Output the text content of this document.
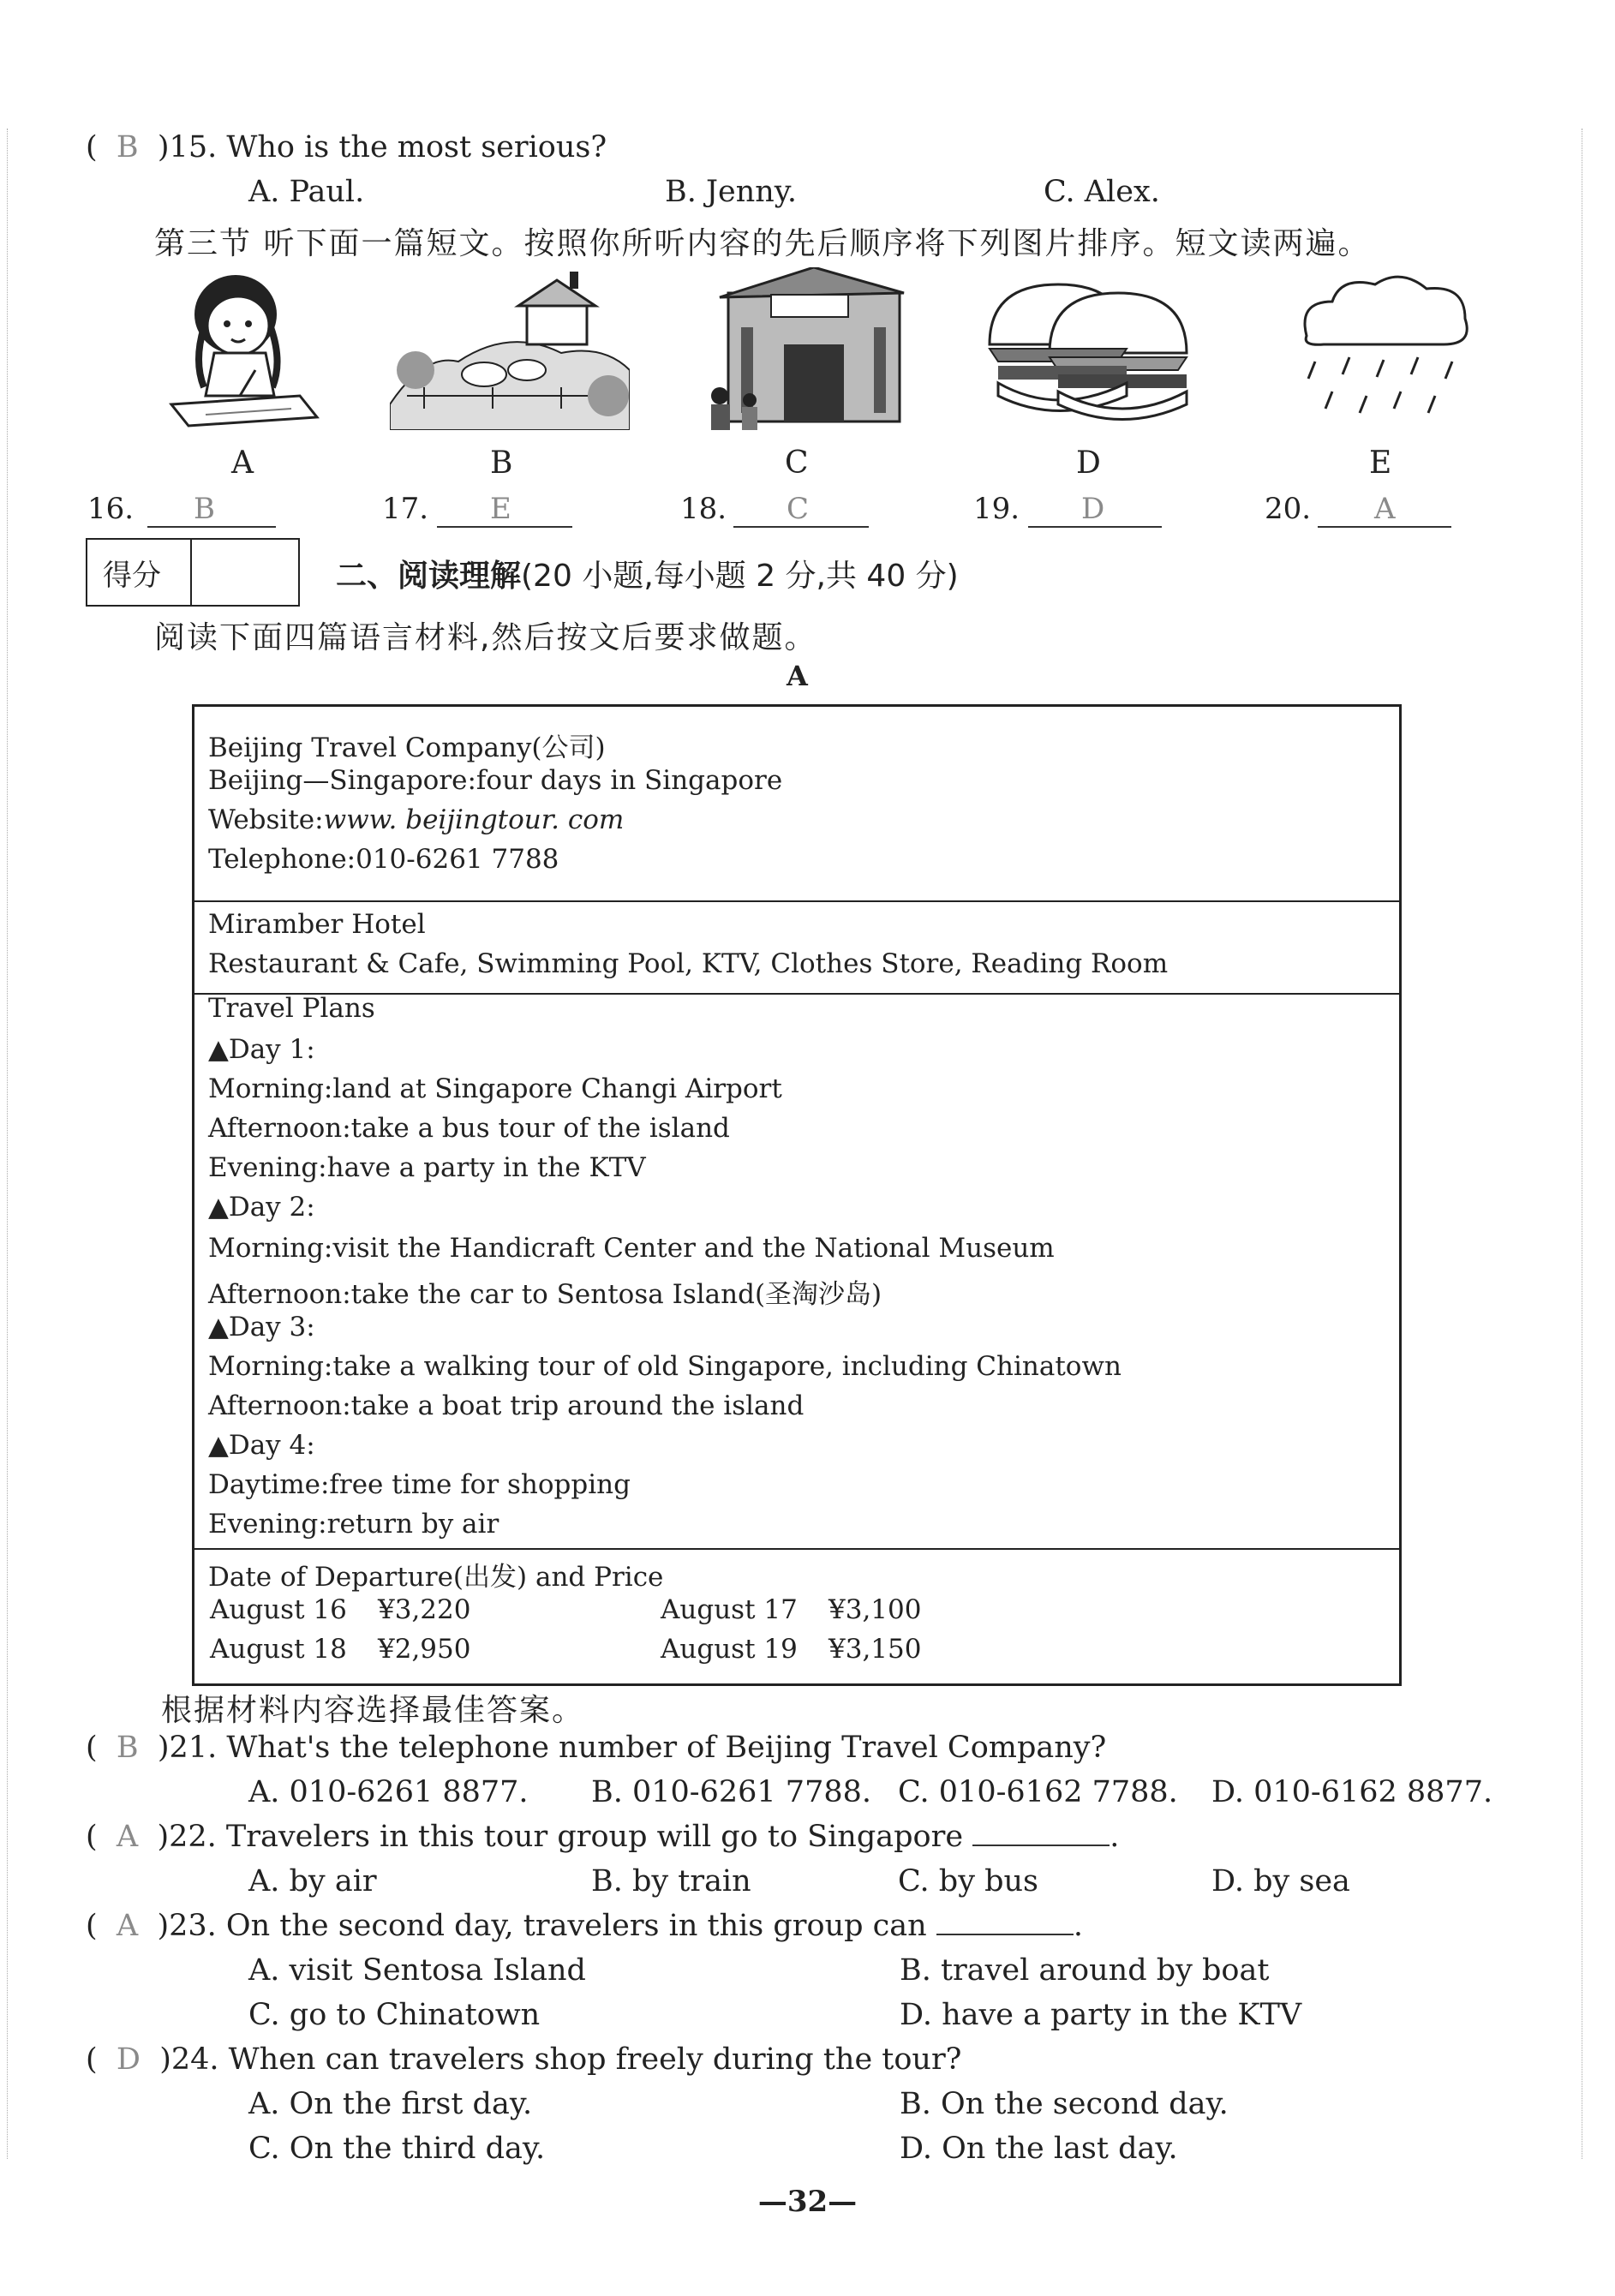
(  B )15. Who is the most serious?
A. Paul.	B. Jenny.	C. Alex.
第三节 听下面一篇短文。按照你所听内容的先后顺序将下列图片排序。短文读两遍。
A	B	C	D	E
16. B	17. E	18. C	19. D	20. A
得分	二、阅读理解(20 小题,每小题 2 分,共 40 分)
阅读下面四篇语言材料,然后按文后要求做题。
A
Beijing Travel Company(公司)
Beijing—Singapore:four days in Singapore
Website:www. beijingtour. com
Telephone:010-6261 7788
Miramber Hotel
Restaurant & Cafe, Swimming Pool, KTV, Clothes Store, Reading Room
Travel Plans
▲Day 1:
Morning:land at Singapore Changi Airport
Afternoon:take a bus tour of the island
Evening:have a party in the KTV
▲Day 2:
Morning:visit the Handicraft Center and the National Museum
Afternoon:take the car to Sentosa Island(圣淘沙岛)
▲Day 3:
Morning:take a walking tour of old Singapore, including Chinatown
Afternoon:take a boat trip around the island
▲Day 4:
Daytime:free time for shopping
Evening:return by air
Date of Departure(出发) and Price
August 16 ¥3,220	August 17 ¥3,100
August 18 ¥2,950	August 19 ¥3,150
根据材料内容选择最佳答案。
(  B )21. What's the telephone number of Beijing Travel Company?
A. 010-6261 8877. B. 010-6261 7788. C. 010-6162 7788. D. 010-6162 8877.
(  A )22. Travelers in this tour group will go to Singapore	.
A. by air	B. by train	C. by bus	D. by sea
(  A )23. On the second day, travelers in this group can	.
A. visit Sentosa Island	B. travel around by boat
C. go to Chinatown	D. have a party in the KTV
(  D )24. When can travelers shop freely during the tour?
A. On the first day.	B. On the second day.
C. On the third day.	D. On the last day.
—32—
